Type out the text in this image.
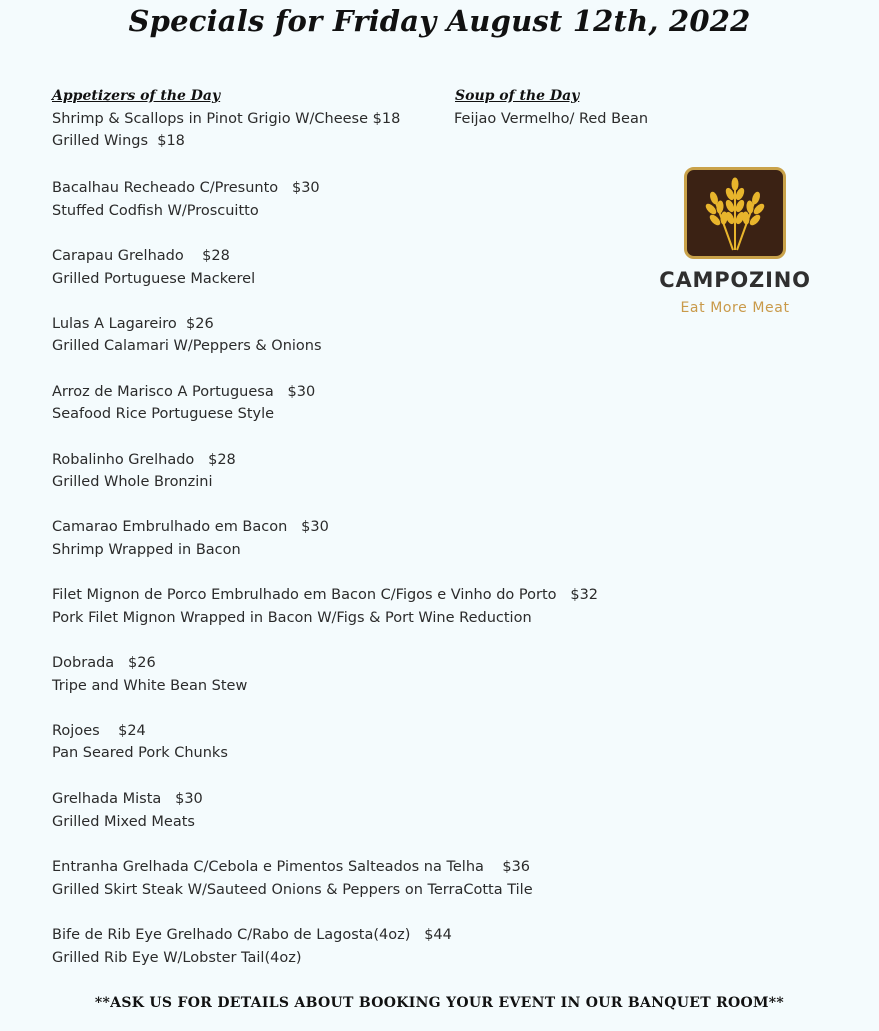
Specials for Friday August 12th, 2022
Appetizers of the Day	Soup of the Day
Feijao Vermelho/ Red Bean
Shrimp & Scallops in Pinot Grigio W/Cheese $18
Grilled Wings  $18
Bacalhau Recheado C/Presunto   $30
Stuffed Codfish W/Proscuitto
Carapau Grelhado    $28
Grilled Portuguese Mackerel
Lulas A Lagareiro  $26
Grilled Calamari W/Peppers & Onions
Arroz de Marisco A Portuguesa   $30
Seafood Rice Portuguese Style
Robalinho Grelhado   $28
Grilled Whole Bronzini
Camarao Embrulhado em Bacon   $30
Shrimp Wrapped in Bacon
Filet Mignon de Porco Embrulhado em Bacon C/Figos e Vinho do Porto   $32
Pork Filet Mignon Wrapped in Bacon W/Figs & Port Wine Reduction
Dobrada   $26
Tripe and White Bean Stew
Rojoes    $24
Pan Seared Pork Chunks
Grelhada Mista   $30
Grilled Mixed Meats
Entranha Grelhada C/Cebola e Pimentos Salteados na Telha    $36
Grilled Skirt Steak W/Sauteed Onions & Peppers on TerraCotta Tile
Bife de Rib Eye Grelhado C/Rabo de Lagosta(4oz)   $44
Grilled Rib Eye W/Lobster Tail(4oz)
CAMPOZINO
Eat More Meat
**ASK US FOR DETAILS ABOUT BOOKING YOUR EVENT IN OUR BANQUET ROOM**
